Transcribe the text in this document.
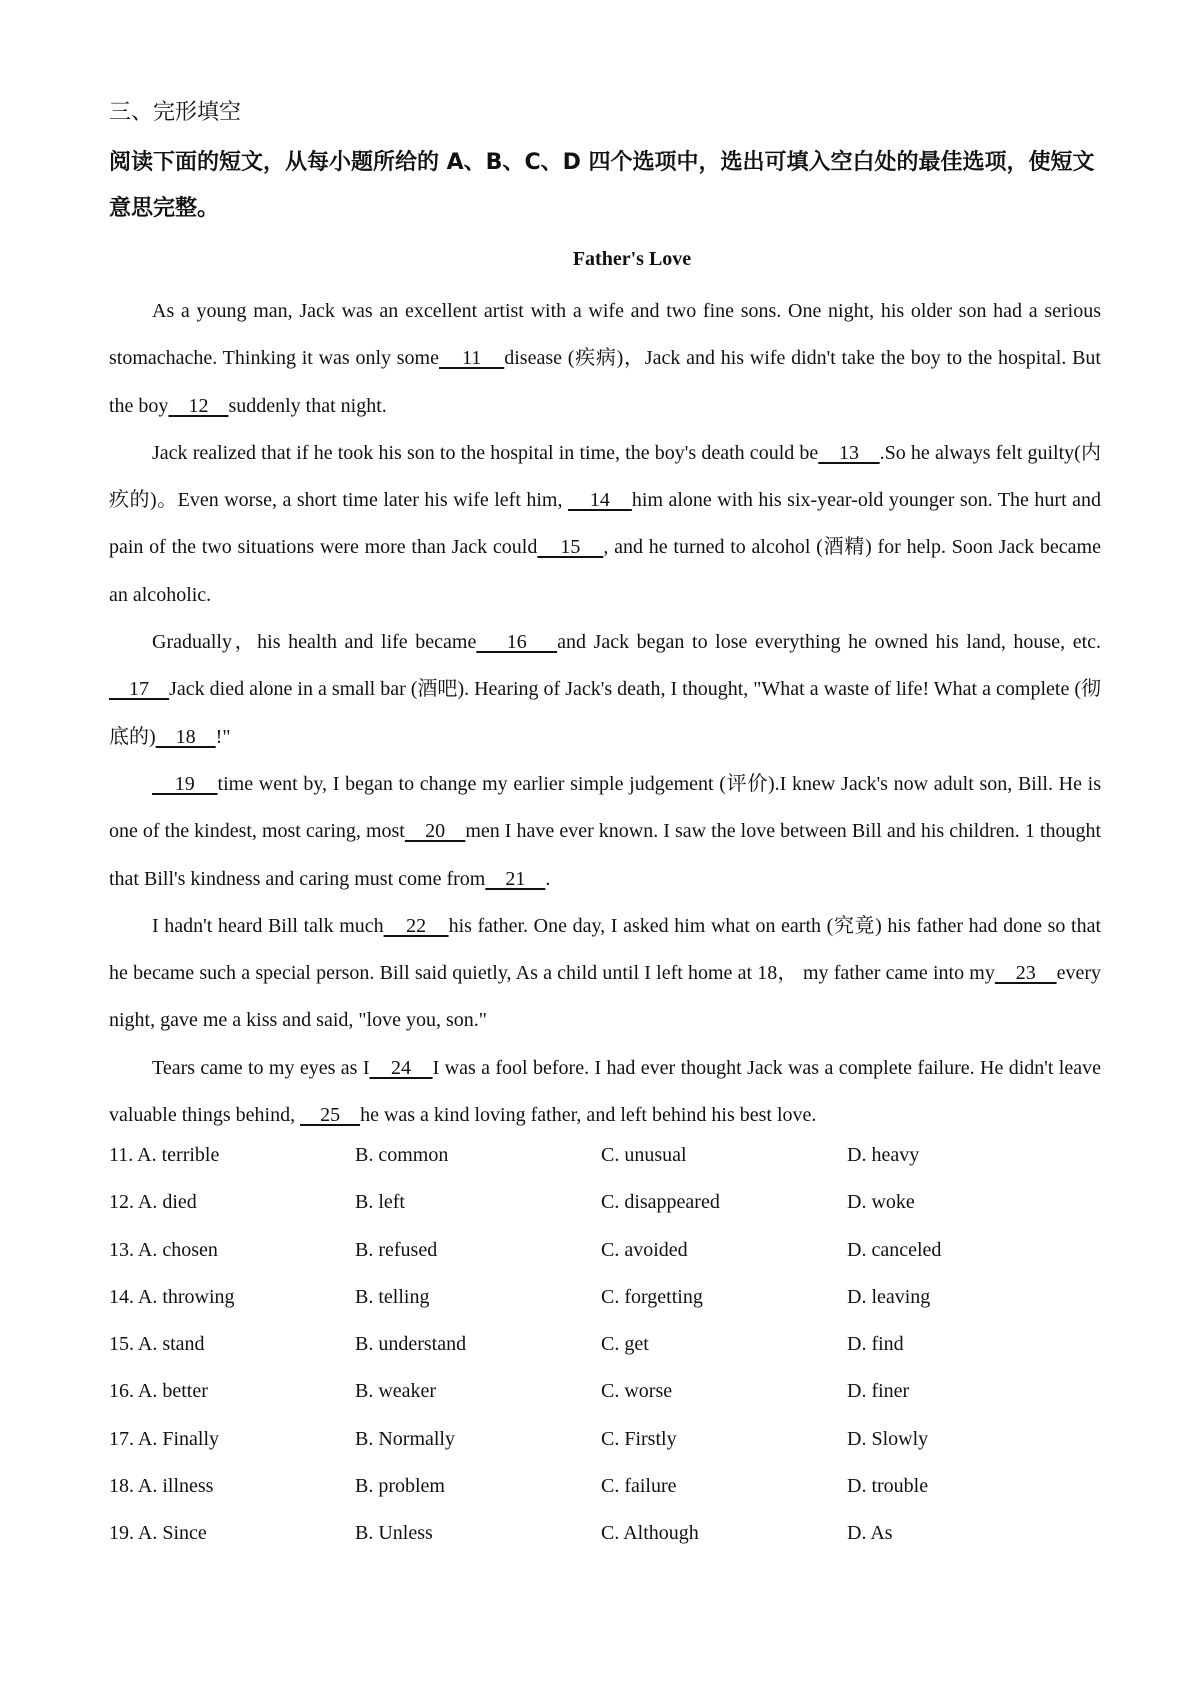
三、完形填空

阅读下面的短文，从每小题所给的 A、B、C、D 四个选项中，选出可填入空白处的最佳选项，使短文意思完整。

Father's Love

As a young man, Jack was an excellent artist with a wife and two fine sons. One night, his older son had a serious stomachache. Thinking it was only some    11    disease (疾病)，Jack and his wife didn't take the boy to the hospital. But the boy    12    suddenly that night.

Jack realized that if he took his son to the hospital in time, the boy's death could be    13    .So he always felt guilty(内疚的)。Even worse, a short time later his wife left him,     14    him alone with his six-year-old younger son. The hurt and pain of the two situations were more than Jack could    15    , and he turned to alcohol (酒精) for help. Soon Jack became an alcoholic.

Gradually，his health and life became    16    and Jack began to lose everything he owned his land, house, etc.     17    Jack died alone in a small bar (酒吧). Hearing of Jack's death, I thought, "What a waste of life! What a complete (彻底的)    18    !"

19    time went by, I began to change my earlier simple judgement (评价).I knew Jack's now adult son, Bill. He is one of the kindest, most caring, most    20    men I have ever known. I saw the love between Bill and his children. 1 thought that Bill's kindness and caring must come from    21    .

I hadn't heard Bill talk much    22    his father. One day, I asked him what on earth (究竟) his father had done so that he became such a special person. Bill said quietly, As a child until I left home at 18， my father came into my    23    every night, gave me a kiss and said, "love you, son."

Tears came to my eyes as I    24    I was a fool before. I had ever thought Jack was a complete failure. He didn't leave valuable things behind,     25    he was a kind loving father, and left behind his best love.

11. A. terrible	B. common	C. unusual	D. heavy
12. A. died	B. left	C. disappeared	D. woke
13. A. chosen	B. refused	C. avoided	D. canceled
14. A. throwing	B. telling	C. forgetting	D. leaving
15. A. stand	B. understand	C. get	D. find
16. A. better	B. weaker	C. worse	D. finer
17. A. Finally	B. Normally	C. Firstly	D. Slowly
18. A. illness	B. problem	C. failure	D. trouble
19. A. Since	B. Unless	C. Although	D. As
